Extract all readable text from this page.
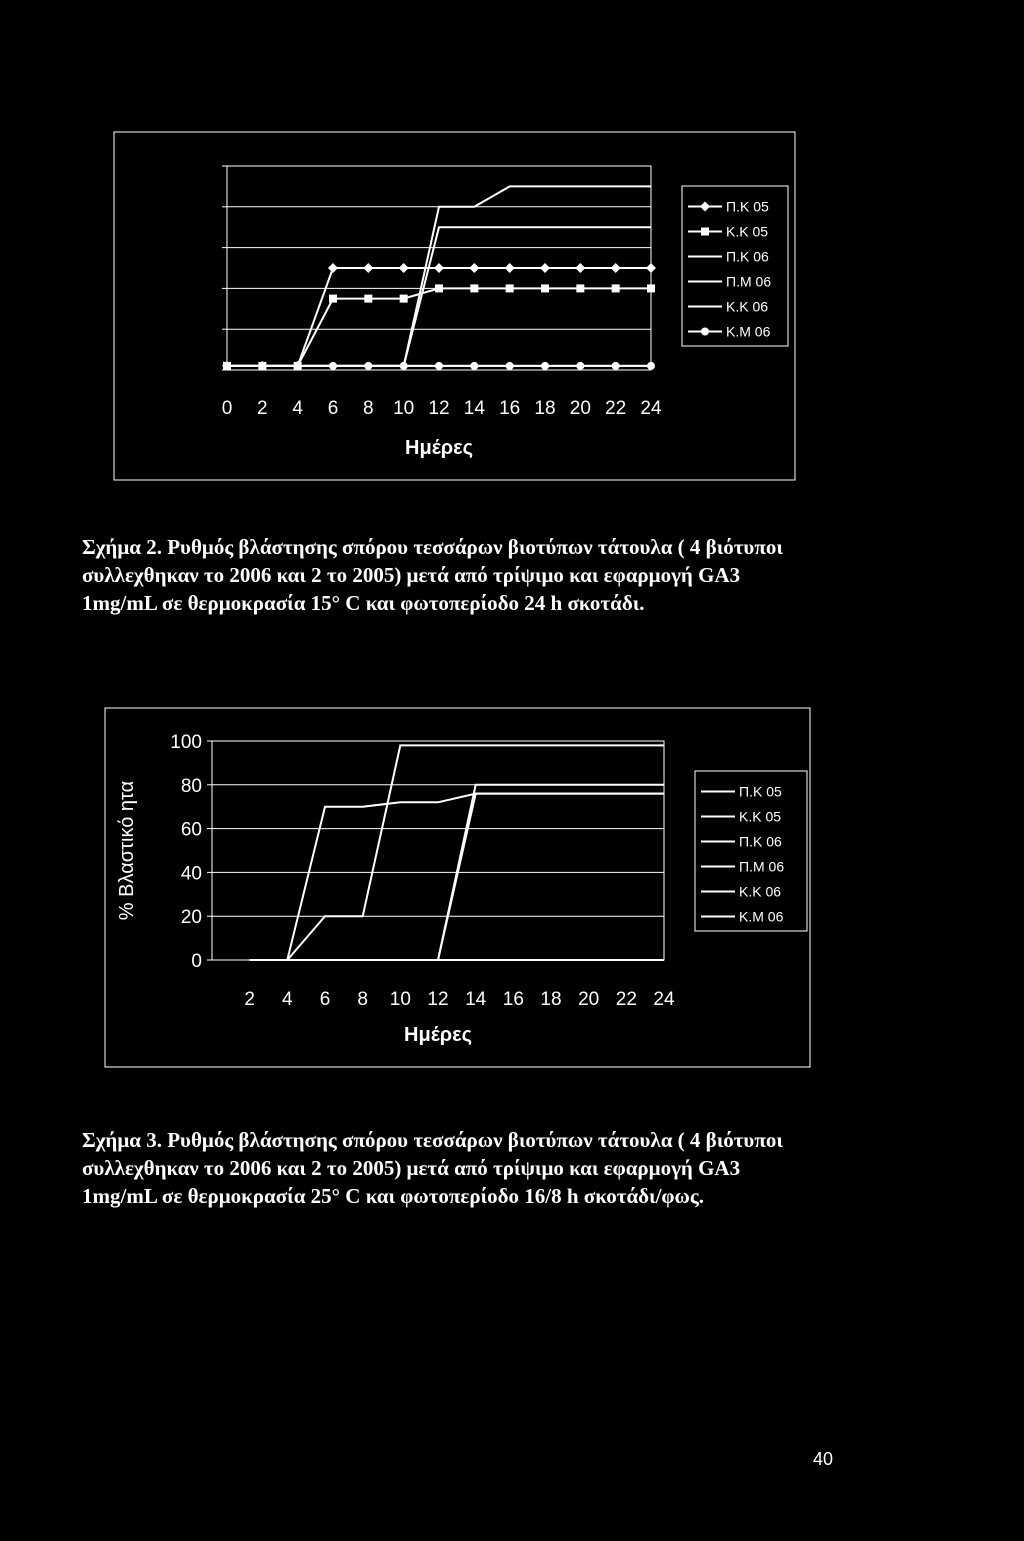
0 2 4 6 8 10 12 14 16 18 20 22 24
Ημέρες
Π.Κ 05
Κ.Κ 05
Π.Κ 06
Π.Μ 06
Κ.Κ 06
Κ.Μ 06

Σχήμα 2. Ρυθμός βλάστησης σπόρου τεσσάρων βιοτύπων τάτουλα ( 4 βιότυποι
συλλεχθηκαν το 2006 και 2 το 2005) μετά από τρίψιμο και εφαρμογή GA3
1mg/mL σε θερμοκρασία 15° C και φωτοπερίοδο 24 h σκοτάδι.

0
20
40
60
80
100
2 4 6 8 10 12 14 16 18 20 22 24
Ημέρες
% Βλαστικό ητα	Π.Κ 05
Κ.Κ 05
Π.Κ 06
Π.Μ 06
Κ.Κ 06
Κ.Μ 06

Σχήμα 3. Ρυθμός βλάστησης σπόρου τεσσάρων βιοτύπων τάτουλα ( 4 βιότυποι
συλλεχθηκαν το 2006 και 2 το 2005) μετά από τρίψιμο και εφαρμογή GA3
1mg/mL σε θερμοκρασία 25° C και φωτοπερίοδο 16/8 h σκοτάδι/φως.

40
